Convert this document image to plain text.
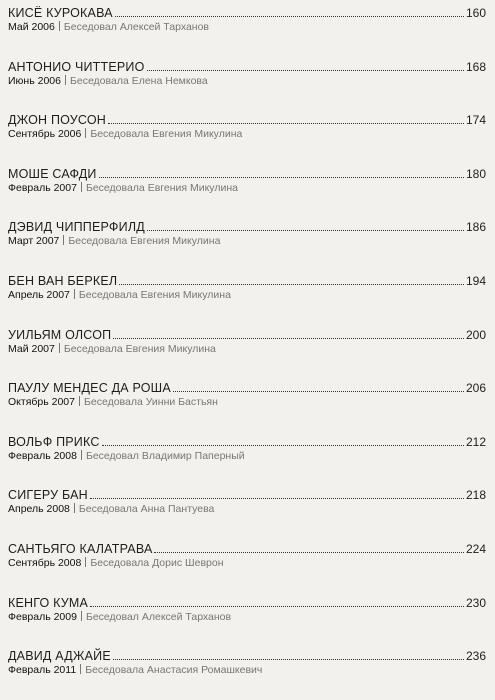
КИСЁ КУРОКАВА	160
Май 2006 Беседовал Алексей Тарханов
АНТОНИО ЧИТТЕРИО	168
Июнь 2006 Беседовала Елена Немкова
ДЖОН ПОУСОН	174
Сентябрь 2006 Беседовала Евгения Микулина
МОШЕ САФДИ	180
Февраль 2007 Беседовала Евгения Микулина
ДЭВИД ЧИППЕРФИЛД	186
Март 2007 Беседовала Евгения Микулина
БЕН ВАН БЕРКЕЛ	194
Апрель 2007 Беседовала Евгения Микулина
УИЛЬЯМ ОЛСОП	200
Май 2007 Беседовала Евгения Микулина
ПАУЛУ МЕНДЕС ДА РОША	206
Октябрь 2007 Беседовала Уинни Бастьян
ВОЛЬФ ПРИКС	212
Февраль 2008 Беседовал Владимир Паперный
СИГЕРУ БАН	218
Апрель 2008 Беседовала Анна Пантуева
САНТЬЯГО КАЛАТРАВА	224
Сентябрь 2008 Беседовала Дорис Шеврон
КЕНГО КУМА	230
Февраль 2009 Беседовал Алексей Тарханов
ДАВИД АДЖАЙЕ	236
Февраль 2011 Беседовала Анастасия Ромашкевич
